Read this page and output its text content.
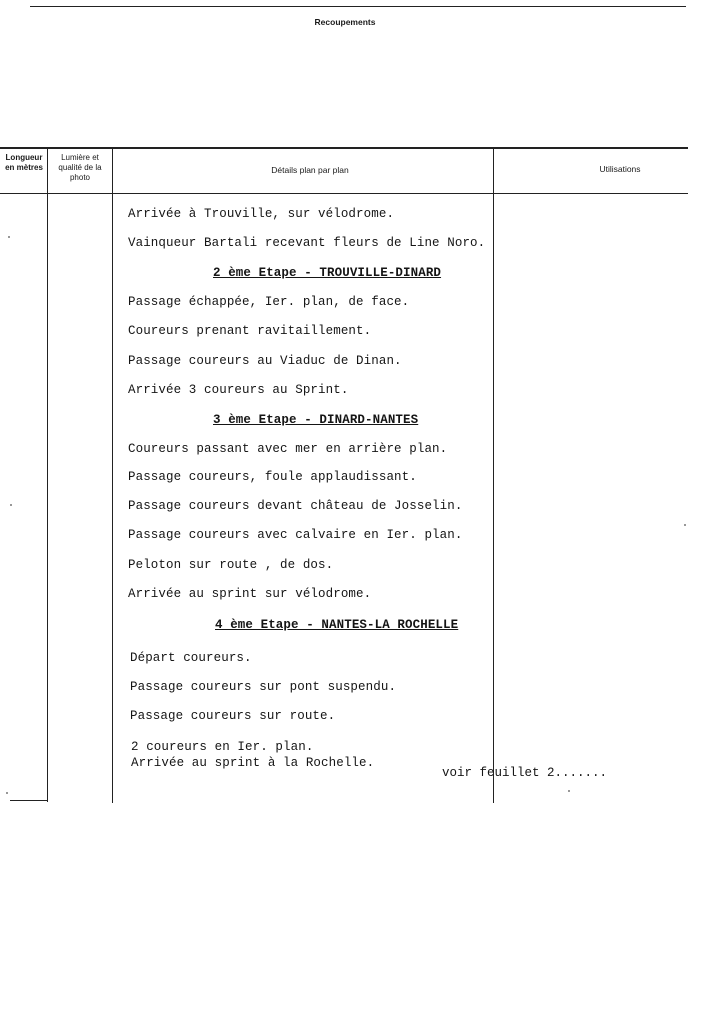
Recoupements
Longueur en mètres
Lumière et qualité de la photo
Détails plan par plan	Utilisations
Arrivée à Trouville, sur vélodrome.
Vainqueur Bartali recevant fleurs de Line Noro.
2 ème Etape - TROUVILLE-DINARD
Passage échappée, Ier. plan, de face.
Coureurs prenant ravitaillement.
Passage coureurs au Viaduc de Dinan.
Arrivée 3 coureurs au Sprint.
3 ème Etape - DINARD-NANTES
Coureurs passant avec mer en arrière plan.
Passage coureurs, foule applaudissant.
Passage coureurs devant château de Josselin.
Passage coureurs avec calvaire en Ier. plan.
Peloton sur route , de dos.
Arrivée au sprint sur vélodrome.
4 ème Etape - NANTES-LA ROCHELLE
Départ coureurs.
Passage coureurs sur pont suspendu.
Passage coureurs sur route.
2 coureurs en Ier. plan.
Arrivée au sprint à la Rochelle.
voir feuillet 2.......
